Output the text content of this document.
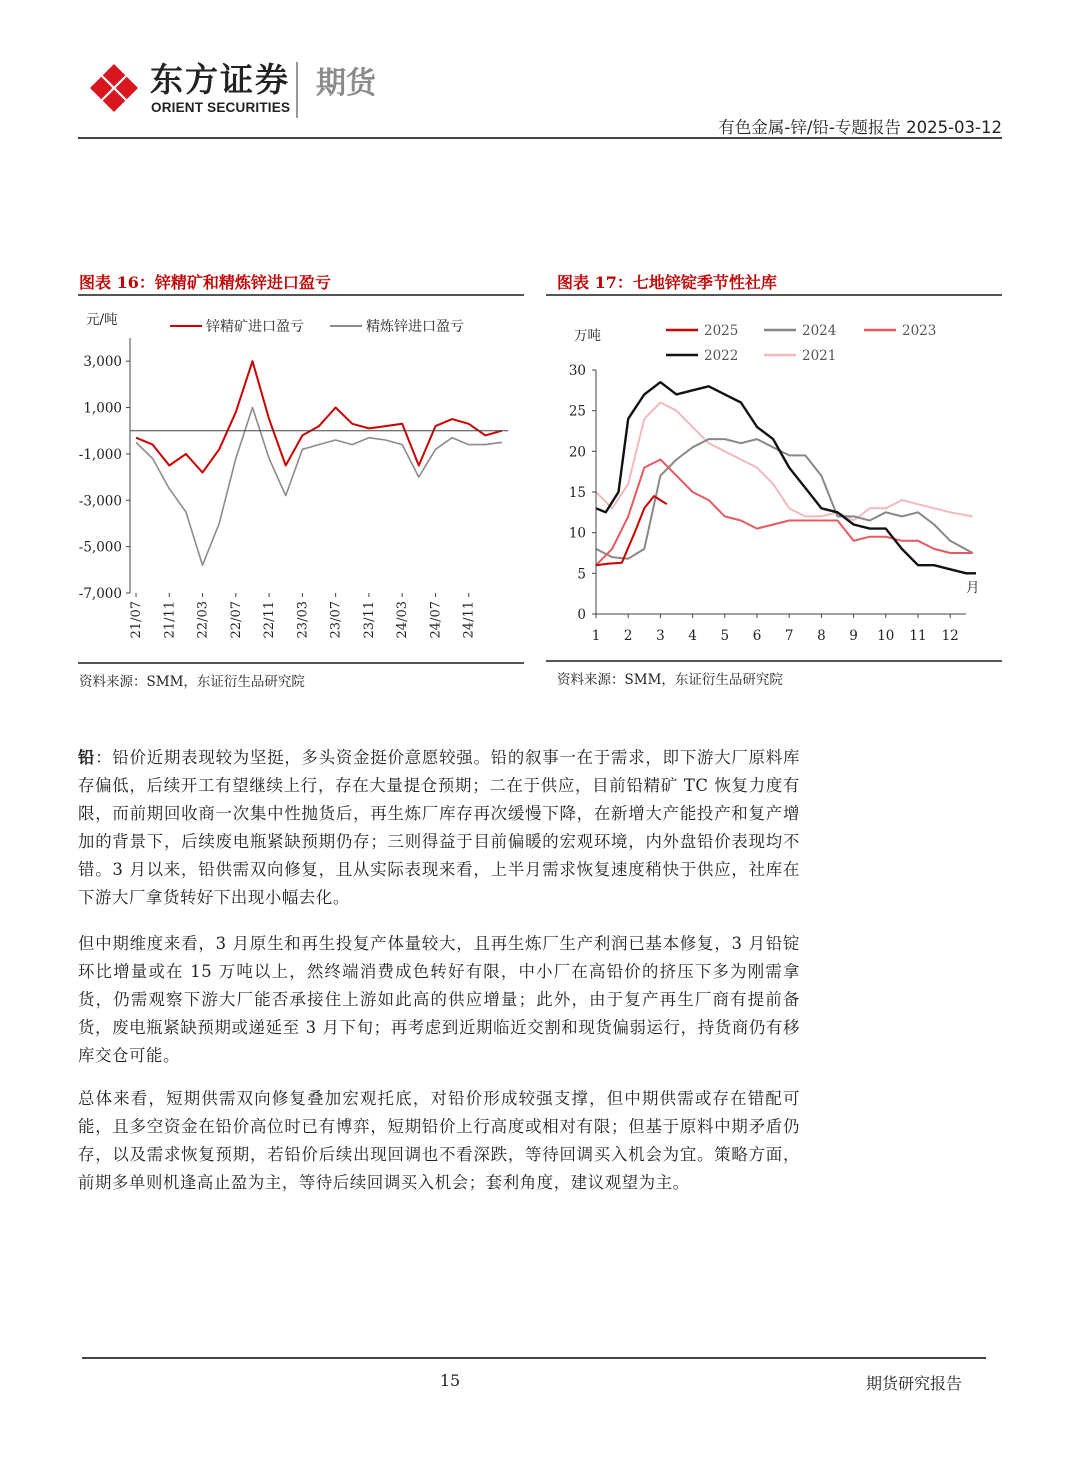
东方证券
ORIENT SECURITIES
期货
有色金属-锌/铅-专题报告 2025-03-12
图表 16：锌精矿和精炼锌进口盈亏	图表 17：七地锌锭季节性社库
元/吨	锌精矿进口盈亏	精炼锌进口盈亏
3,000
1,000
-1,000
-3,000
-5,000
-7,000
21/07 21/11 22/03 22/07 22/11 23/03 23/07 23/11 24/03 24/07 24/11
资料来源：SMM，东证衍生品研究院
万吨	2025	2024	2023
2022	2021
0
5
10
15
20
25
30
1 2 3 4 5 6 7 8 9 10 11 12
月
资料来源：SMM，东证衍生品研究院
铅：铅价近期表现较为坚挺，多头资金挺价意愿较强。铅的叙事一在于需求，即下游大厂原料库存偏低，后续开工有望继续上行，存在大量提仓预期；二在于供应，目前铅精矿 TC 恢复力度有限，而前期回收商一次集中性抛货后，再生炼厂库存再次缓慢下降，在新增大产能投产和复产增加的背景下，后续废电瓶紧缺预期仍存；三则得益于目前偏暖的宏观环境，内外盘铅价表现均不错。3 月以来，铅供需双向修复，且从实际表现来看，上半月需求恢复速度稍快于供应，社库在下游大厂拿货转好下出现小幅去化。
但中期维度来看，3 月原生和再生投复产体量较大，且再生炼厂生产利润已基本修复，3 月铅锭环比增量或在 15 万吨以上，然终端消费成色转好有限，中小厂在高铅价的挤压下多为刚需拿货，仍需观察下游大厂能否承接住上游如此高的供应增量；此外，由于复产再生厂商有提前备货，废电瓶紧缺预期或递延至 3 月下旬；再考虑到近期临近交割和现货偏弱运行，持货商仍有移库交仓可能。
总体来看，短期供需双向修复叠加宏观托底，对铅价形成较强支撑，但中期供需或存在错配可能，且多空资金在铅价高位时已有博弈，短期铅价上行高度或相对有限；但基于原料中期矛盾仍存，以及需求恢复预期，若铅价后续出现回调也不看深跌，等待回调买入机会为宜。策略方面，前期多单则机逢高止盈为主，等待后续回调买入机会；套利角度，建议观望为主。
15	期货研究报告
